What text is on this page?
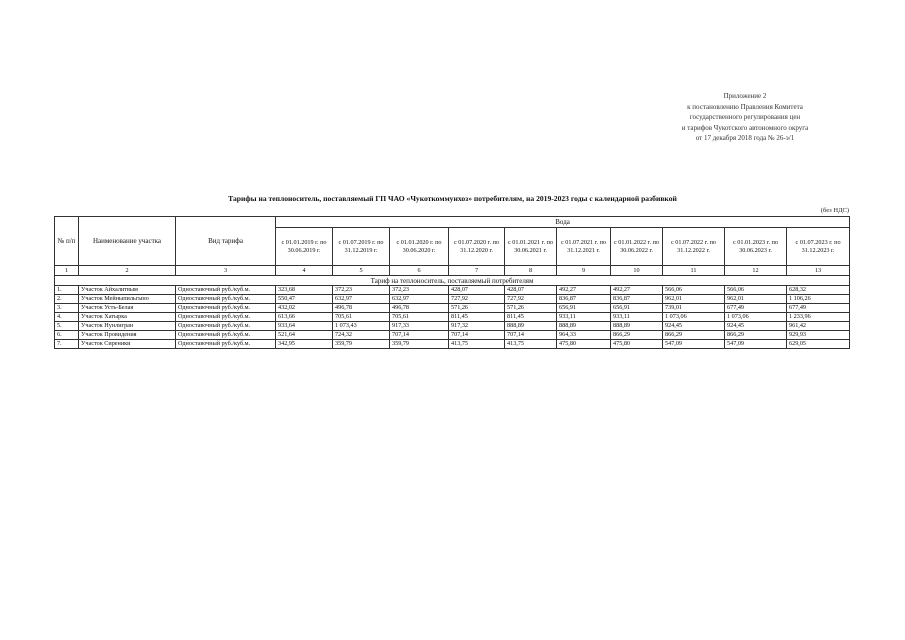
Приложение 2
к постановлению Правления Комитета
государственного регулирования цен
и тарифов Чукотского автономного округа
от 17 декабря 2018 года № 26-э/1
Тарифы на теплоноситель, поставляемый ГП ЧАО «Чукоткоммунхоз» потребителям, на 2019-2023 годы с календарной разбивкой
(без НДС)
№ п/п	Наименование участка	Вид тарифа	Вода									
			с 01.01.2019 г. по 30.06.2019 г.	с 01.07.2019 г. по 31.12.2019 г.	с 01.01.2020 г. по 30.06.2020 г.	с 01.07.2020 г. по 31.12.2020 г.	с 01.01.2021 г. по 30.06.2021 г.	с 01.07.2021 г. по 31.12.2021 г.	с 01.01.2022 г. по 30.06.2022 г.	с 01.07.2022 г. по 31.12.2022 г.	с 01.01.2023 г. по 30.06.2023 г.	с 01.07.2023 г. по 31.12.2023 г.
1	2	3	4	5	6	7	8	9	10	11	12	13
Тариф на теплоноситель, поставляемый потребителям												
1.	Участок Айхалитвым	Одноставочный руб./куб.м.	323,68	372,23	372,23	428,07	428,07	492,27	492,27	566,06	566,06	628,32
2.	Участок Мейныпильгыно	Одноставочный руб./куб.м.	550,47	632,97	632,97	727,92	727,92	836,87	836,87	962,01	962,01	1 106,26
3.	Участок Усть-Белая	Одноставочный руб./куб.м.	432,02	496,78	496,78	571,26	571,26	656,91	656,91	739,01	677,49	677,49
4.	Участок Хатырка	Одноставочный руб./куб.м.	613,66	705,61	705,61	811,45	811,45	933,11	933,11	1 073,06	1 073,06	1 233,96
5.	Участок Нунлигран	Одноставочный руб./куб.м.	933,64	1 073,43	917,33	917,32	888,89	888,89	888,89	924,45	924,45	961,42
6.	Участок Провидения	Одноставочный руб./куб.м.	521,64	724,32	707,14	707,14	707,14	964,33	866,29	866,29	866,29	929,93
7.	Участок Сиреники	Одноставочный руб./куб.м.	342,95	359,79	359,79	413,75	413,75	475,80	475,80	547,09	547,09	629,05
